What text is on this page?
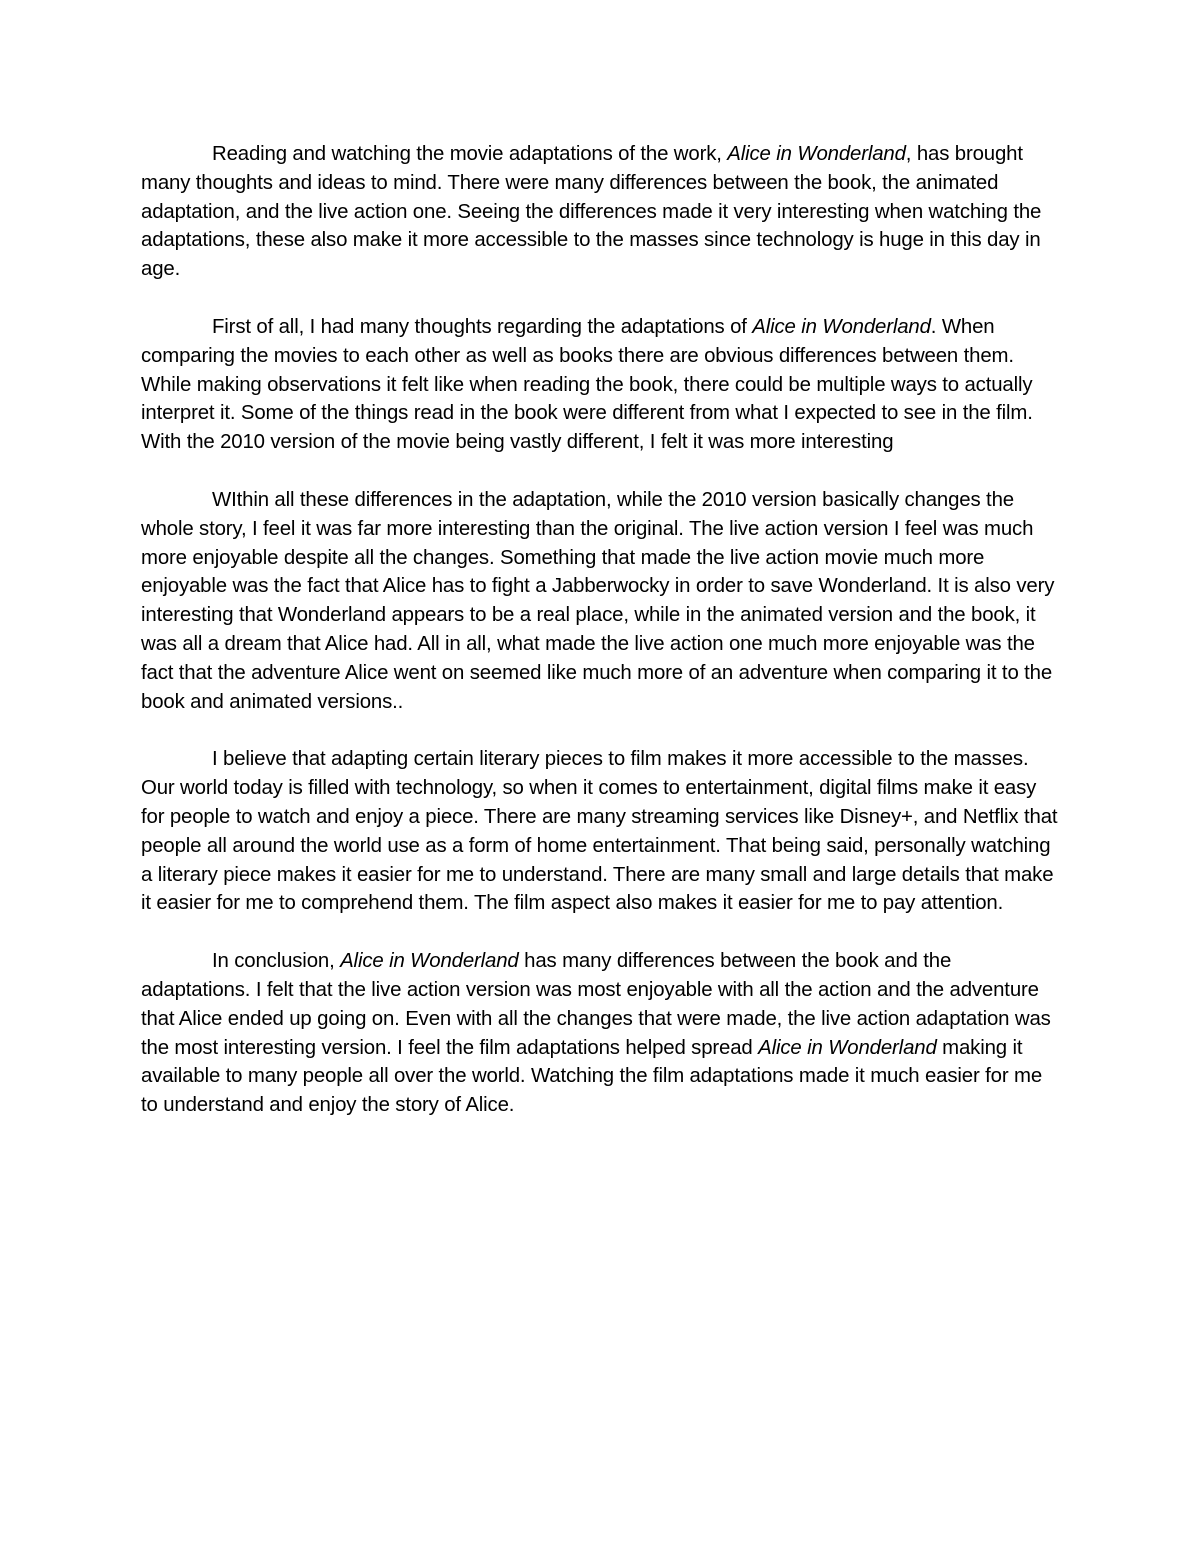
Reading and watching the movie adaptations of the work, Alice in Wonderland, has brought many thoughts and ideas to mind. There were many differences between the book, the animated adaptation, and the live action one. Seeing the differences made it very interesting when watching the adaptations, these also make it more accessible to the masses since technology is huge in this day in age.

First of all, I had many thoughts regarding the adaptations of Alice in Wonderland. When comparing the movies to each other as well as books there are obvious differences between them. While making observations it felt like when reading the book, there could be multiple ways to actually interpret it. Some of the things read in the book were different from what I expected to see in the film. With the 2010 version of the movie being vastly different, I felt it was more interesting

WIthin all these differences in the adaptation, while the 2010 version basically changes the whole story, I feel it was far more interesting than the original. The live action version I feel was much more enjoyable despite all the changes. Something that made the live action movie much more enjoyable was the fact that Alice has to fight a Jabberwocky in order to save Wonderland. It is also very interesting that Wonderland appears to be a real place, while in the animated version and the book, it was all a dream that Alice had. All in all, what made the live action one much more enjoyable was the fact that the adventure Alice went on seemed like much more of an adventure when comparing it to the book and animated versions..

I believe that adapting certain literary pieces to film makes it more accessible to the masses. Our world today is filled with technology, so when it comes to entertainment, digital films make it easy for people to watch and enjoy a piece. There are many streaming services like Disney+, and Netflix that people all around the world use as a form of home entertainment. That being said, personally watching a literary piece makes it easier for me to understand. There are many small and large details that make it easier for me to comprehend them. The film aspect also makes it easier for me to pay attention.

In conclusion, Alice in Wonderland has many differences between the book and the adaptations. I felt that the live action version was most enjoyable with all the action and the adventure that Alice ended up going on. Even with all the changes that were made, the live action adaptation was the most interesting version. I feel the film adaptations helped spread Alice in Wonderland making it available to many people all over the world. Watching the film adaptations made it much easier for me to understand and enjoy the story of Alice.
